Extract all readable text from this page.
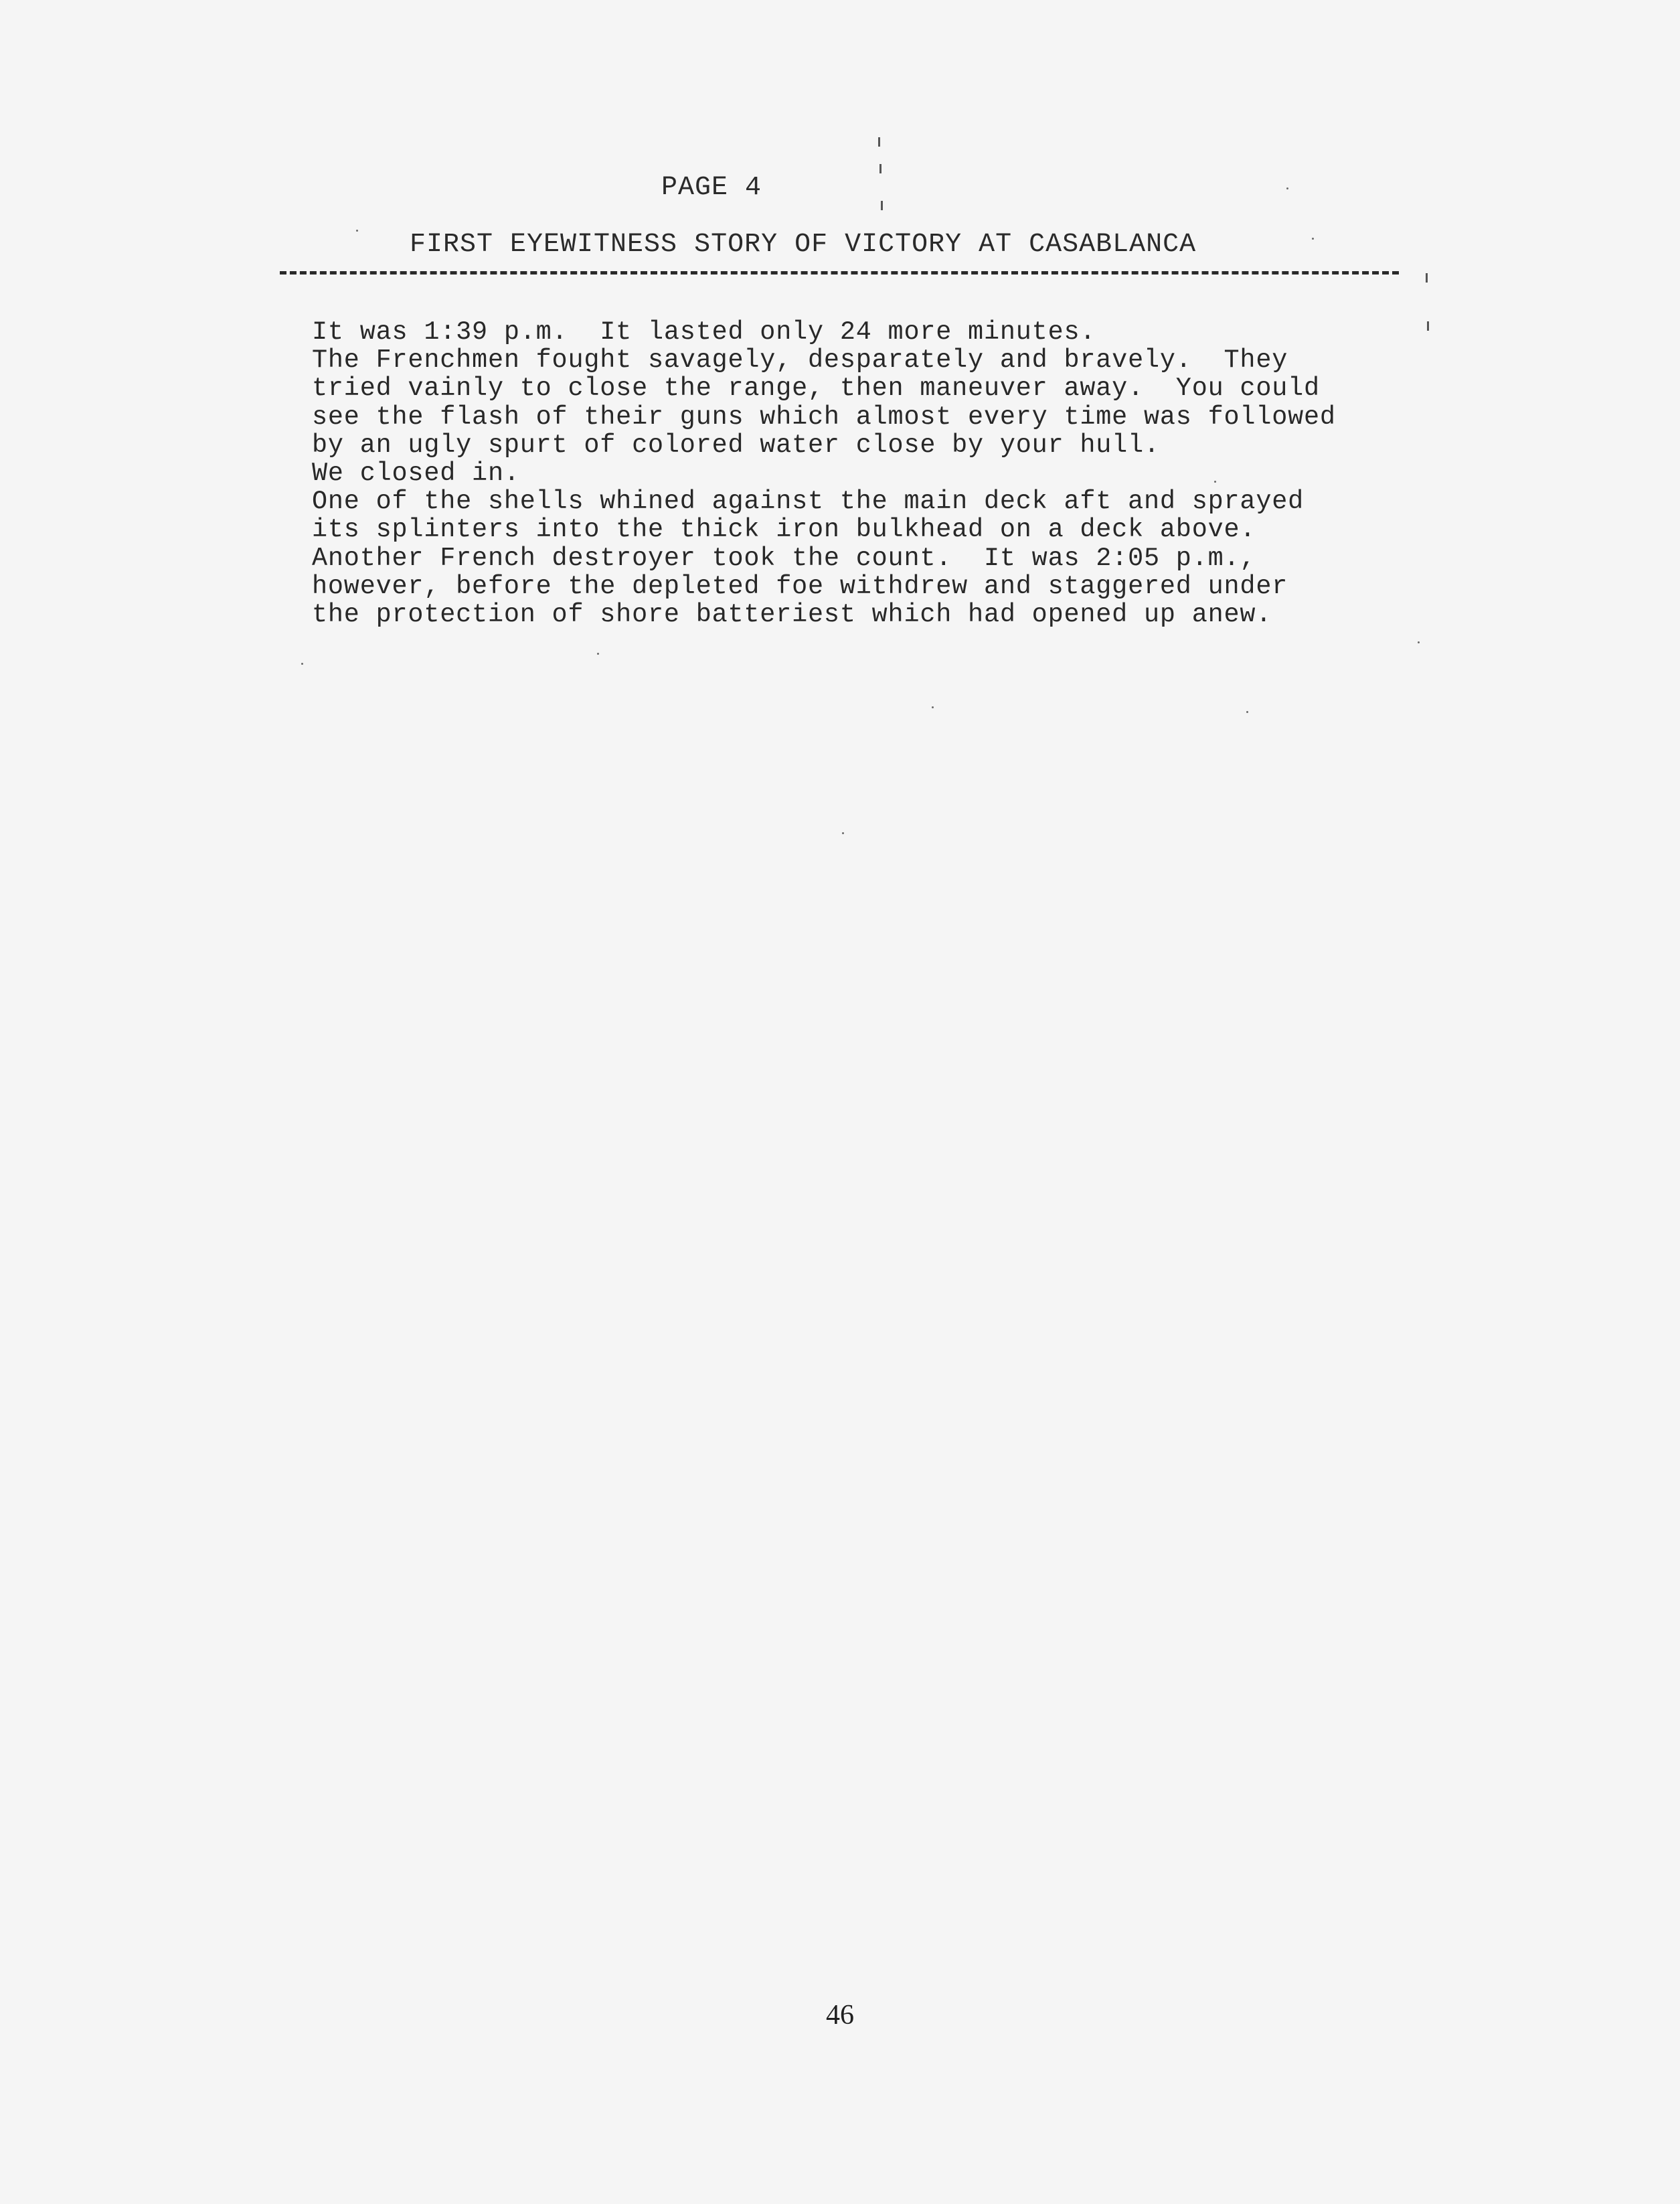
PAGE 4
FIRST EYEWITNESS STORY OF VICTORY AT CASABLANCA
It was 1:39 p.m.  It lasted only 24 more minutes.
The Frenchmen fought savagely, desparately and bravely.  They
tried vainly to close the range, then maneuver away.  You could
see the flash of their guns which almost every time was followed
by an ugly spurt of colored water close by your hull.
We closed in.
One of the shells whined against the main deck aft and sprayed
its splinters into the thick iron bulkhead on a deck above.
Another French destroyer took the count.  It was 2:05 p.m.,
however, before the depleted foe withdrew and staggered under
the protection of shore batteriest which had opened up anew.
46
